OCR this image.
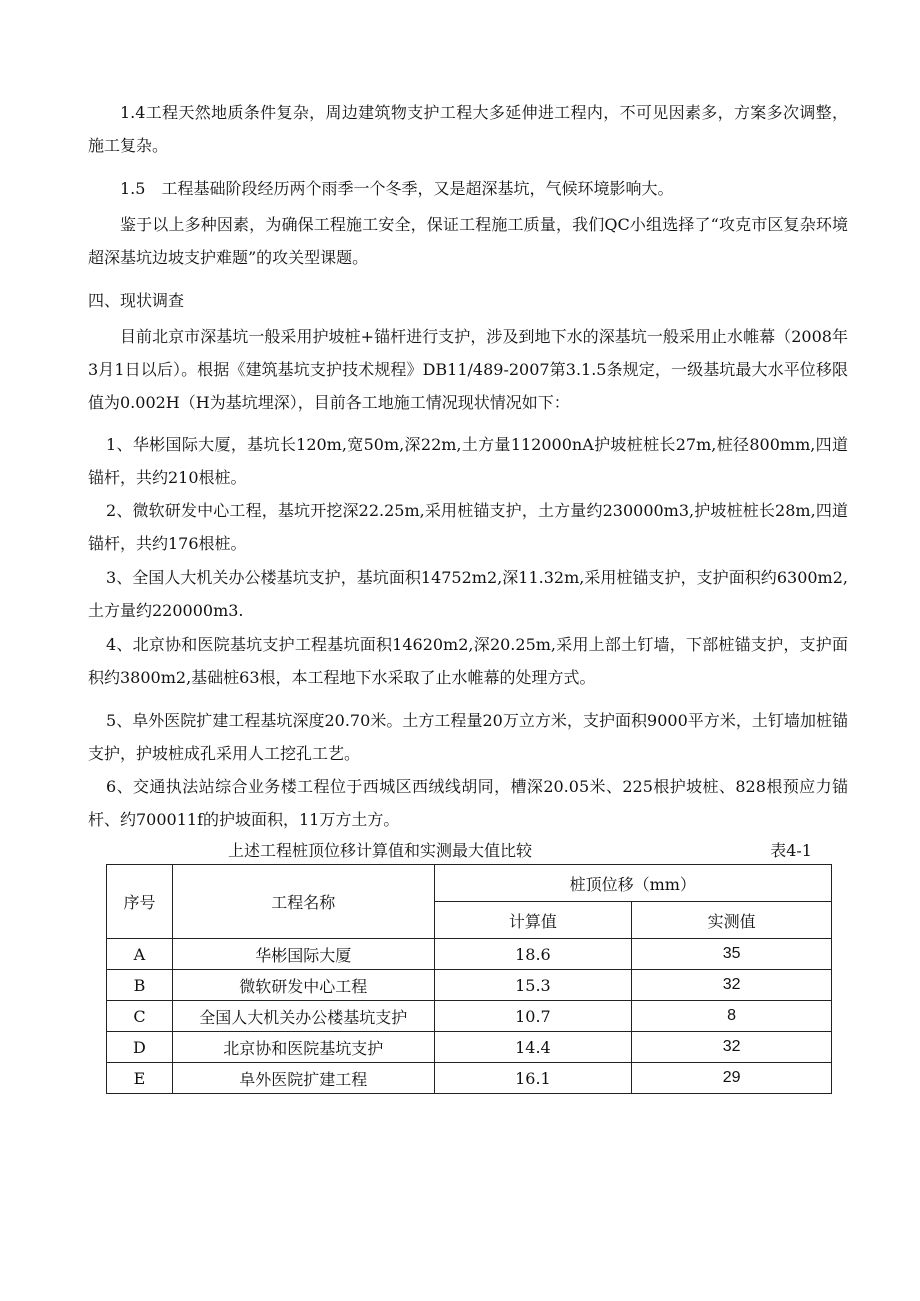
1.4工程天然地质条件复杂，周边建筑物支护工程大多延伸进工程内，不可见因素多，方案多次调整，施工复杂。

1.5　工程基础阶段经历两个雨季一个冬季，又是超深基坑，气候环境影响大。

鉴于以上多种因素，为确保工程施工安全，保证工程施工质量，我们QC小组选择了“攻克市区复杂环境超深基坑边坡支护难题”的攻关型课题。

四、现状调查

目前北京市深基坑一般采用护坡桩+锚杆进行支护，涉及到地下水的深基坑一般采用止水帷幕（2008年3月1日以后）。根据《建筑基坑支护技术规程》DB11/489-2007第3.1.5条规定，一级基坑最大水平位移限值为0.002H（H为基坑埋深），目前各工地施工情况现状情况如下：

1、华彬国际大厦，基坑长120m,宽50m,深22m,土方量112000nA护坡桩桩长27m,桩径800mm,四道锚杆，共约210根桩。

2、微软研发中心工程，基坑开挖深22.25m,采用桩锚支护，土方量约230000m3,护坡桩桩长28m,四道锚杆，共约176根桩。

3、全国人大机关办公楼基坑支护，基坑面积14752m2,深11.32m,采用桩锚支护，支护面积约6300m2,土方量约220000m3.

4、北京协和医院基坑支护工程基坑面积14620m2,深20.25m,采用上部土钉墙，下部桩锚支护，支护面积约3800m2,基础桩63根，本工程地下水采取了止水帷幕的处理方式。

5、阜外医院扩建工程基坑深度20.70米。土方工程量20万立方米，支护面积9000平方米，土钉墙加桩锚支护，护坡桩成孔采用人工挖孔工艺。

6、交通执法站综合业务楼工程位于西城区西绒线胡同，槽深20.05米、225根护坡桩、828根预应力锚杆、约700011f的护坡面积，11万方土方。

上述工程桩顶位移计算值和实测最大值比较	表4-1
序号	工程名称	桩顶位移（mm）	
		计算值	实测值
A	华彬国际大厦	18.6	35
B	微软研发中心工程	15.3	32
C	全国人大机关办公楼基坑支护	10.7	8
D	北京协和医院基坑支护	14.4	32
E	阜外医院扩建工程	16.1	29
